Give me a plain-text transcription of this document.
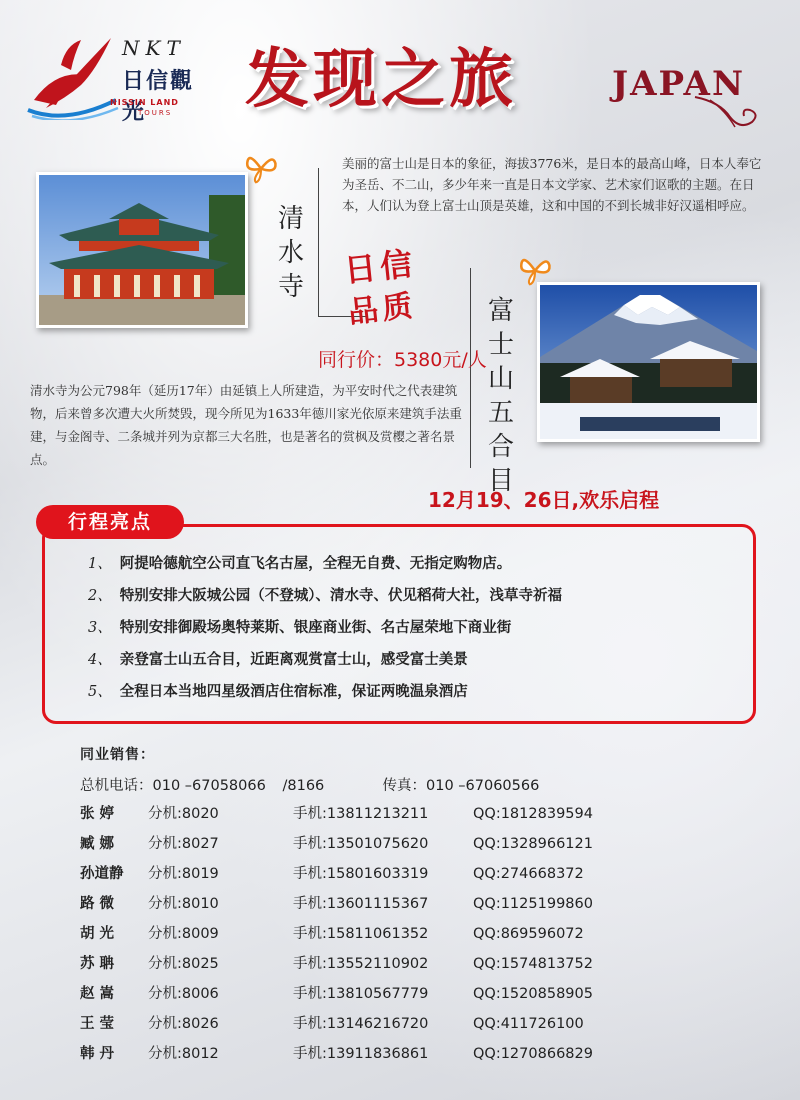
NKT
日信觀光
NISSIN LAND
TOURS 发现之旅	JAPAN
美丽的富士山是日本的象征，海拔3776米，是日本的最高山峰，日本人奉它为圣岳、不二山，多少年来一直是日本文学家、艺术家们讴歌的主题。在日本，人们认为登上富士山顶是英雄，这和中国的不到长城非好汉遥相呼应。
清
水
寺 日信
品质	富
士
山
五
合
目
同行价：5380元/人
清水寺为公元798年（延历17年）由延镇上人所建造，为平安时代之代表建筑物，后来曾多次遭大火所焚毁，现今所见为1633年德川家光依原来建筑手法重建，与金阁寺、二条城并列为京都三大名胜，也是著名的赏枫及赏樱之著名景点。
12月19、26日,欢乐启程
行程亮点
1、 阿提哈德航空公司直飞名古屋，全程无自费、无指定购物店。
2、 特别安排大阪城公园（不登城）、清水寺、伏见稻荷大社，浅草寺祈福
3、 特别安排御殿场奥特莱斯、银座商业街、名古屋荣地下商业街
4、 亲登富士山五合目，近距离观赏富士山，感受富士美景
5、 全程日本当地四星级酒店住宿标准，保证两晚温泉酒店
同业销售：
总机电话：010 –67058066 /8166	传真：010 –67060566
张 婷 分机:8020	手机:13811213211	QQ:1812839594
臧 娜 分机:8027	手机:13501075620	QQ:1328966121
孙道静 分机:8019	手机:15801603319	QQ:274668372
路 微 分机:8010	手机:13601115367	QQ:1125199860
胡 光 分机:8009	手机:15811061352	QQ:869596072
苏 聃 分机:8025	手机:13552110902	QQ:1574813752
赵 嵩 分机:8006	手机:13810567779	QQ:1520858905
王 莹 分机:8026	手机:13146216720	QQ:411726100
韩 丹 分机:8012	手机:13911836861	QQ:1270866829
